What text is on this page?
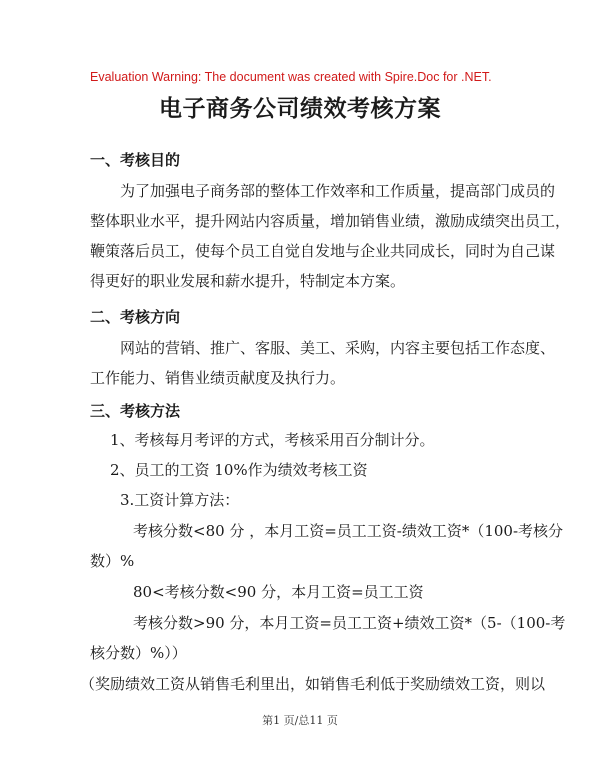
Evaluation Warning: The document was created with Spire.Doc for .NET.
电子商务公司绩效考核方案
一、考核目的
为了加强电子商务部的整体工作效率和工作质量，提高部门成员的
整体职业水平，提升网站内容质量，增加销售业绩，激励成绩突出员工，
鞭策落后员工，使每个员工自觉自发地与企业共同成长，同时为自己谋
得更好的职业发展和薪水提升，特制定本方案。
二、考核方向
网站的营销、推广、客服、美工、采购，内容主要包括工作态度、
工作能力、销售业绩贡献度及执行力。
三、考核方法
1、考核每月考评的方式，考核采用百分制计分。
2、员工的工资 10%作为绩效考核工资
3.工资计算方法：
考核分数<80 分 ，本月工资=员工工资-绩效工资*（100-考核分
数）%
80<考核分数<90 分，本月工资=员工工资
考核分数>90 分，本月工资=员工工资+绩效工资*（5-（100-考
核分数）%））
（奖励绩效工资从销售毛利里出，如销售毛利低于奖励绩效工资，则以
第1 页/总11 页
